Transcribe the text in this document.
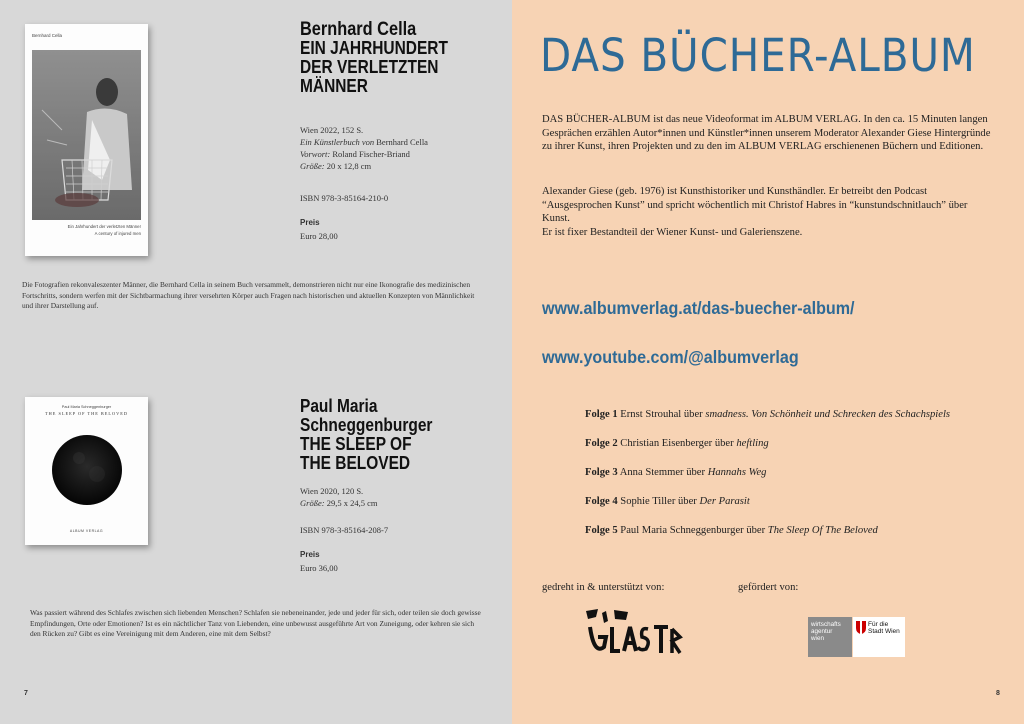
Bernhard Cella
Ein Jahrhundert der verletzten Männer
A century of injured men
Bernhard Cella
EIN JAHRHUNDERT
DER VERLETZTEN
MÄNNER
Wien 2022, 152 S.
Ein Künstlerbuch von Bernhard Cella
Vorwort: Roland Fischer-Briand
Größe: 20 x 12,8 cm
ISBN 978-3-85164-210-0
Preis
Euro 28,00
Die Fotografien rekonvaleszenter Männer, die Bernhard Cella in seinem Buch versammelt, demonstrieren nicht nur eine Ikonografie des medizinischen Fortschritts, sondern werfen mit der Sichtbarmachung ihrer versehrten Körper auch Fragen nach historischen und aktuellen Konzepten von Männlichkeit und ihrer Darstellung auf.
Paul Maria Schneggenburger
THE SLEEP OF THE BELOVED
ALBUM VERLAG
Paul Maria
Schneggenburger
THE SLEEP OF
THE BELOVED
Wien 2020, 120 S.
Größe: 29,5 x 24,5 cm
ISBN 978-3-85164-208-7
Preis
Euro 36,00
Was passiert während des Schlafes zwischen sich liebenden Menschen? Schlafen sie nebeneinander, jede und jeder für sich, oder teilen sie doch gewisse Empfindungen, Orte oder Emotionen? Ist es ein nächtlicher Tanz von Liebenden, eine unbewusst ausgeführte Art von Zuneigung, oder kehren sie sich den Rücken zu? Gibt es eine Vereinigung mit dem Anderen, eine mit dem Selbst?
7
DAS BÜCHER-ALBUM
DAS BÜCHER-ALBUM ist das neue Videoformat im ALBUM VERLAG. In den ca. 15 Minuten langen Gesprächen erzählen Autor*innen und Künstler*innen unserem Moderator Alexander Giese Hintergründe zu ihrer Kunst, ihren Projekten und zu den im ALBUM VERLAG erschienenen Büchern und Editionen.
Alexander Giese (geb. 1976) ist Kunsthistoriker und Kunsthändler. Er betreibt den Podcast “Ausgesprochen Kunst” und spricht wöchentlich mit Christof Habres in “kunstundschnitlauch” über Kunst.
Er ist fixer Bestandteil der Wiener Kunst- und Galerienszene.
www.albumverlag.at/das-buecher-album/
www.youtube.com/@albumverlag
Folge 1 Ernst Strouhal über smadness. Von Schönheit und Schrecken des Schachspiels
Folge 2 Christian Eisenberger über heftling
Folge 3 Anna Stemmer über Hannahs Weg
Folge 4 Sophie Tiller über Der Parasit
Folge 5 Paul Maria Schneggenburger über The Sleep Of The Beloved
gedreht in & unterstützt von:	gefördert von:
wirtschafts
agentur
wien
Für die
Stadt Wien
8
